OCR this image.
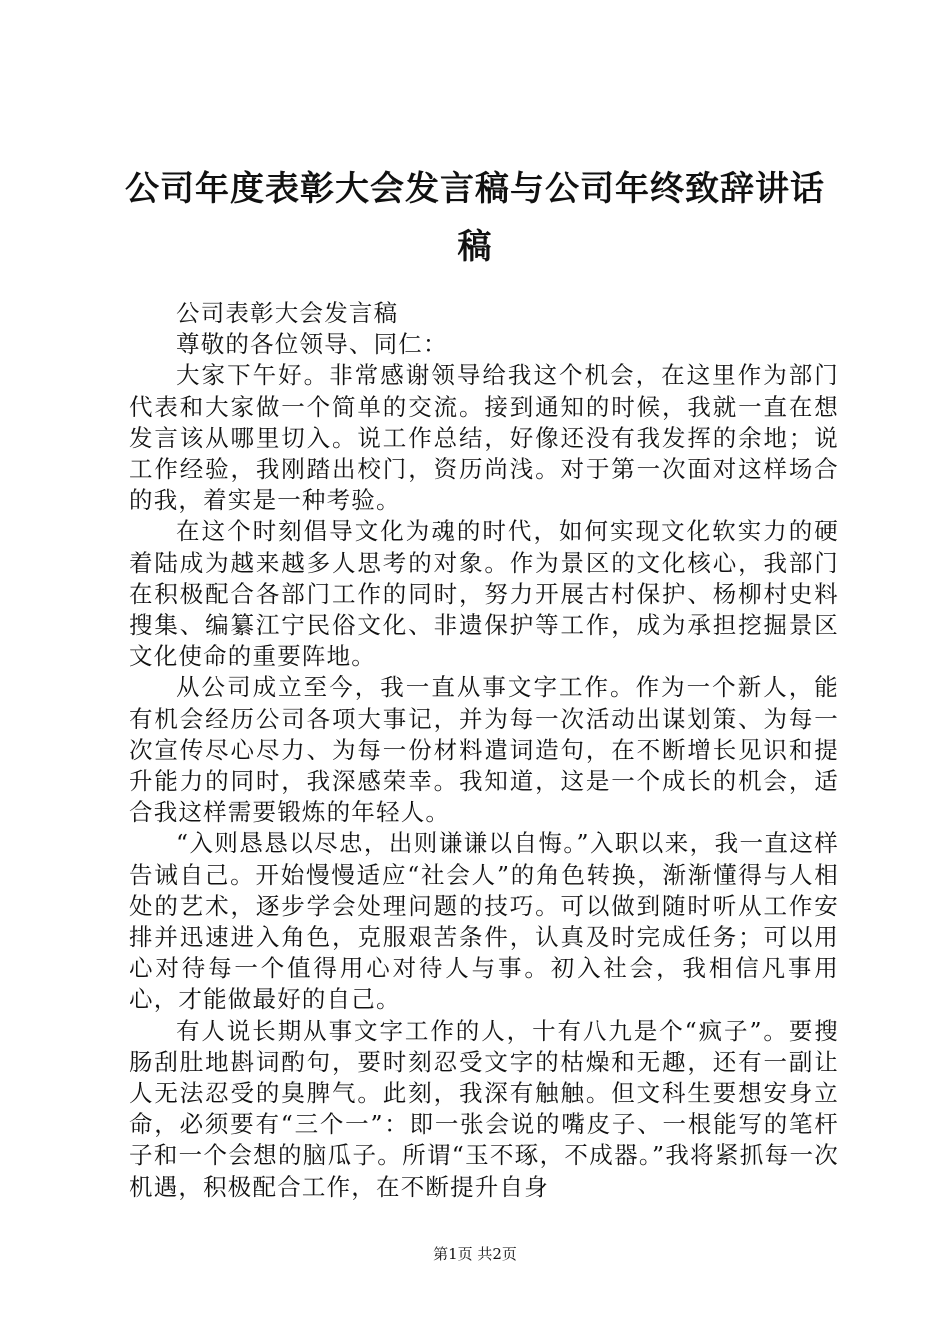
公司年度表彰大会发言稿与公司年终致辞讲话稿

公司表彰大会发言稿

尊敬的各位领导、同仁：

大家下午好。非常感谢领导给我这个机会，在这里作为部门代表和大家做一个简单的交流。接到通知的时候，我就一直在想发言该从哪里切入。说工作总结，好像还没有我发挥的余地；说工作经验，我刚踏出校门，资历尚浅。对于第一次面对这样场合的我，着实是一种考验。

在这个时刻倡导文化为魂的时代，如何实现文化软实力的硬着陆成为越来越多人思考的对象。作为景区的文化核心，我部门在积极配合各部门工作的同时，努力开展古村保护、杨柳村史料搜集、编纂江宁民俗文化、非遗保护等工作，成为承担挖掘景区文化使命的重要阵地。

从公司成立至今，我一直从事文字工作。作为一个新人，能有机会经历公司各项大事记，并为每一次活动出谋划策、为每一次宣传尽心尽力、为每一份材料遣词造句，在不断增长见识和提升能力的同时，我深感荣幸。我知道，这是一个成长的机会，适合我这样需要锻炼的年轻人。

“入则恳恳以尽忠，出则谦谦以自悔。”入职以来，我一直这样告诫自己。开始慢慢适应“社会人”的角色转换，渐渐懂得与人相处的艺术，逐步学会处理问题的技巧。可以做到随时听从工作安排并迅速进入角色，克服艰苦条件，认真及时完成任务；可以用心对待每一个值得用心对待人与事。初入社会，我相信凡事用心，才能做最好的自己。

有人说长期从事文字工作的人，十有八九是个“疯子”。要搜肠刮肚地斟词酌句，要时刻忍受文字的枯燥和无趣，还有一副让人无法忍受的臭脾气。此刻，我深有触触。但文科生要想安身立命，必须要有“三个一”：即一张会说的嘴皮子、一根能写的笔杆子和一个会想的脑瓜子。所谓“玉不琢，不成器。”我将紧抓每一次机遇，积极配合工作，在不断提升自身

第1页 共2页
